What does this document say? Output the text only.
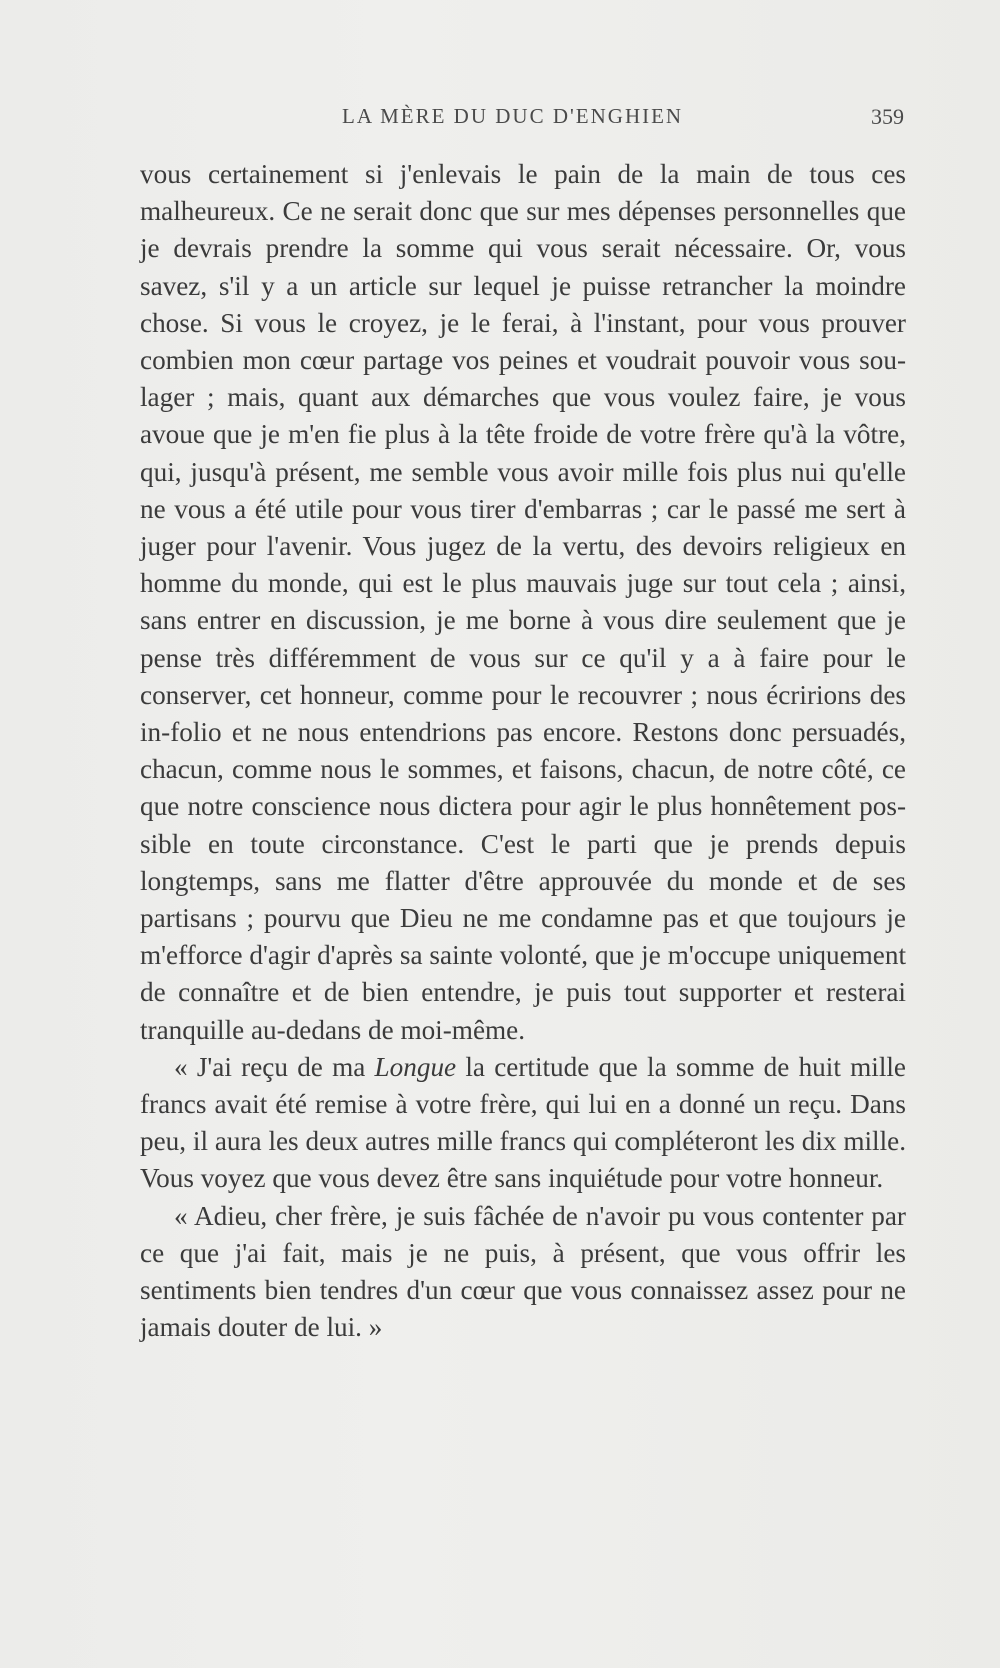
LA MÈRE DU DUC D'ENGHIEN	359

vous certainement si j'enlevais le pain de la main de tous ces malheureux. Ce ne serait donc que sur mes dépenses personnelles que je devrais prendre la somme qui vous serait nécessaire. Or, vous savez, s'il y a un article sur lequel je puisse retrancher la moindre chose. Si vous le croyez, je le ferai, à l'instant, pour vous prouver combien mon cœur partage vos peines et voudrait pouvoir vous soulager ; mais, quant aux démarches que vous voulez faire, je vous avoue que je m'en fie plus à la tête froide de votre frère qu'à la vôtre, qui, jusqu'à présent, me semble vous avoir mille fois plus nui qu'elle ne vous a été utile pour vous tirer d'embarras ; car le passé me sert à juger pour l'avenir. Vous jugez de la vertu, des devoirs religieux en homme du monde, qui est le plus mauvais juge sur tout cela ; ainsi, sans entrer en discussion, je me borne à vous dire seulement que je pense très différemment de vous sur ce qu'il y a à faire pour le conserver, cet honneur, comme pour le recouvrer ; nous écririons des in-folio et ne nous entendrions pas encore. Restons donc persuadés, chacun, comme nous le sommes, et faisons, chacun, de notre côté, ce que notre conscience nous dictera pour agir le plus honnêtement possible en toute circonstance. C'est le parti que je prends depuis longtemps, sans me flatter d'être approuvée du monde et de ses partisans ; pourvu que Dieu ne me condamne pas et que toujours je m'efforce d'agir d'après sa sainte volonté, que je m'occupe uniquement de connaître et de bien entendre, je puis tout supporter et resterai tranquille au-dedans de moi-même.

« J'ai reçu de ma Longue la certitude que la somme de huit mille francs avait été remise à votre frère, qui lui en a donné un reçu. Dans peu, il aura les deux autres mille francs qui compléteront les dix mille. Vous voyez que vous devez être sans inquiétude pour votre honneur.

« Adieu, cher frère, je suis fâchée de n'avoir pu vous contenter par ce que j'ai fait, mais je ne puis, à présent, que vous offrir les sentiments bien tendres d'un cœur que vous connaissez assez pour ne jamais douter de lui. »
